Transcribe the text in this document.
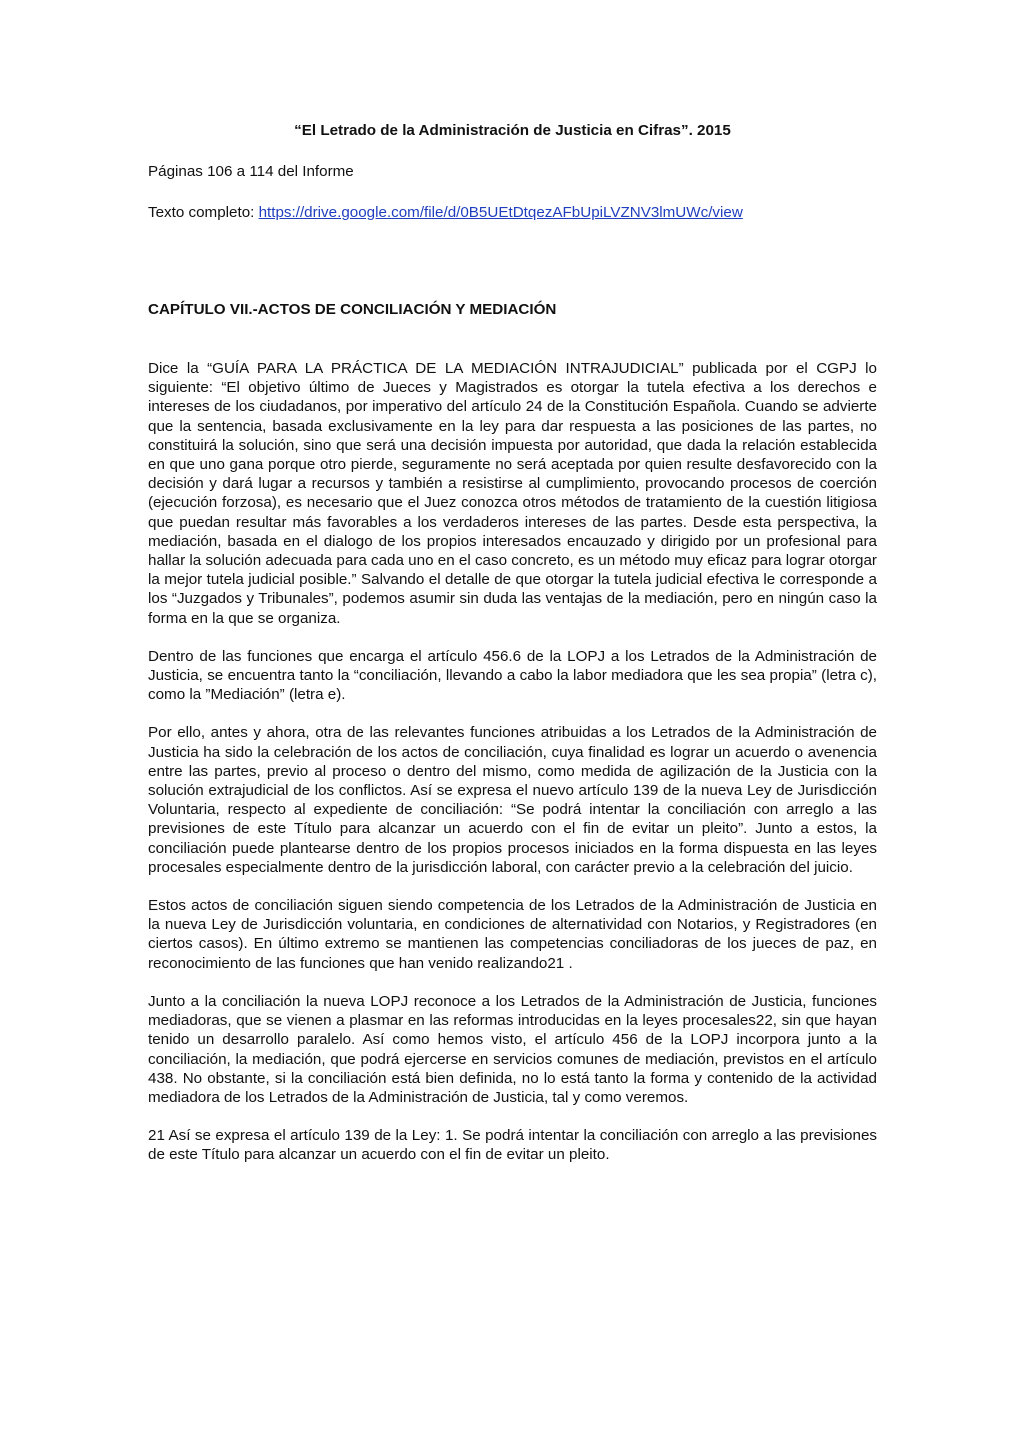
“El Letrado de la Administración de Justicia en Cifras”. 2015
Páginas 106 a 114 del Informe
Texto completo: https://drive.google.com/file/d/0B5UEtDtqezAFbUpiLVZNV3lmUWc/view
CAPÍTULO VII.-ACTOS DE CONCILIACIÓN Y MEDIACIÓN

Dice la “GUÍA PARA LA PRÁCTICA DE LA MEDIACIÓN INTRAJUDICIAL” publicada por el CGPJ lo siguiente: “El objetivo último de Jueces y Magistrados es otorgar la tutela efectiva a los derechos e intereses de los ciudadanos, por imperativo del artículo 24 de la Constitución Española. Cuando se advierte que la sentencia, basada exclusivamente en la ley para dar respuesta a las posiciones de las partes, no constituirá la solución, sino que será una decisión impuesta por autoridad, que dada la relación establecida en que uno gana porque otro pierde, seguramente no será aceptada por quien resulte desfavorecido con la decisión y dará lugar a recursos y también a resistirse al cumplimiento, provocando procesos de coerción (ejecución forzosa), es necesario que el Juez conozca otros métodos de tratamiento de la cuestión litigiosa que puedan resultar más favorables a los verdaderos intereses de las partes. Desde esta perspectiva, la mediación, basada en el dialogo de los propios interesados encauzado y dirigido por un profesional para hallar la solución adecuada para cada uno en el caso concreto, es un método muy eficaz para lograr otorgar la mejor tutela judicial posible.” Salvando el detalle de que otorgar la tutela judicial efectiva le corresponde a los “Juzgados y Tribunales”, podemos asumir sin duda las ventajas de la mediación, pero en ningún caso la forma en la que se organiza.

Dentro de las funciones que encarga el artículo 456.6 de la LOPJ a los Letrados de la Administración de Justicia, se encuentra tanto la “conciliación, llevando a cabo la labor mediadora que les sea propia” (letra c), como la ”Mediación” (letra e).

Por ello, antes y ahora, otra de las relevantes funciones atribuidas a los Letrados de la Administración de Justicia ha sido la celebración de los actos de conciliación, cuya finalidad es lograr un acuerdo o avenencia entre las partes, previo al proceso o dentro del mismo, como medida de agilización de la Justicia con la solución extrajudicial de los conflictos. Así se expresa el nuevo artículo 139 de la nueva Ley de Jurisdicción Voluntaria, respecto al expediente de conciliación: “Se podrá intentar la conciliación con arreglo a las previsiones de este Título para alcanzar un acuerdo con el fin de evitar un pleito”. Junto a estos, la conciliación puede plantearse dentro de los propios procesos iniciados en la forma dispuesta en las leyes procesales especialmente dentro de la jurisdicción laboral, con carácter previo a la celebración del juicio.

Estos actos de conciliación siguen siendo competencia de los Letrados de la Administración de Justicia en la nueva Ley de Jurisdicción voluntaria, en condiciones de alternatividad con Notarios, y Registradores (en ciertos casos). En último extremo se mantienen las competencias conciliadoras de los jueces de paz, en reconocimiento de las funciones que han venido realizando21 .

Junto a la conciliación la nueva LOPJ reconoce a los Letrados de la Administración de Justicia, funciones mediadoras, que se vienen a plasmar en las reformas introducidas en la leyes procesales22, sin que hayan tenido un desarrollo paralelo. Así como hemos visto, el artículo 456 de la LOPJ incorpora junto a la conciliación, la mediación, que podrá ejercerse en servicios comunes de mediación, previstos en el artículo 438. No obstante, si la conciliación está bien definida, no lo está tanto la forma y contenido de la actividad mediadora de los Letrados de la Administración de Justicia, tal y como veremos.

21 Así se expresa el artículo 139 de la Ley: 1. Se podrá intentar la conciliación con arreglo a las previsiones de este Título para alcanzar un acuerdo con el fin de evitar un pleito.
